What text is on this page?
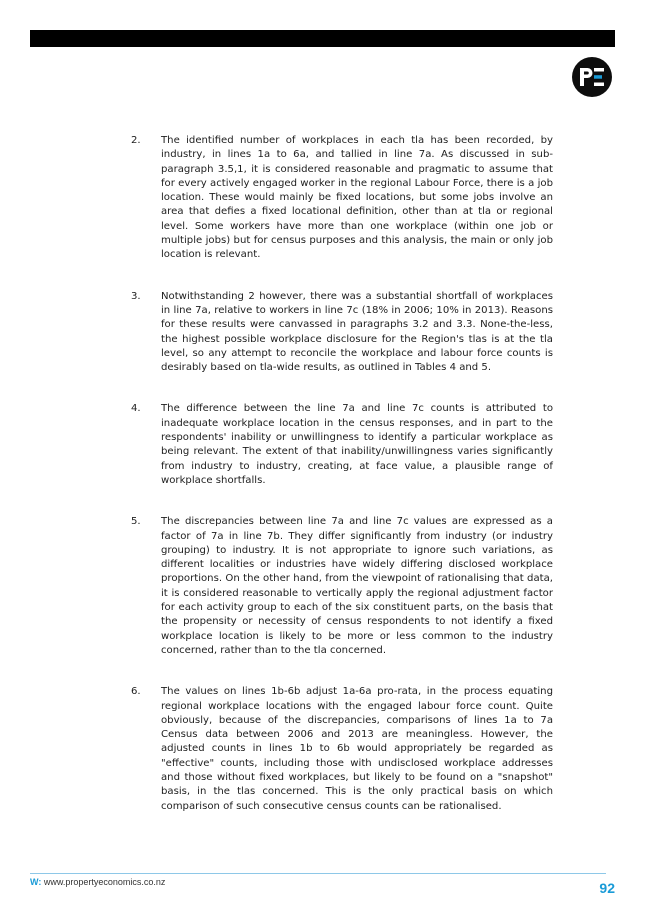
2. The identified number of workplaces in each tla has been recorded, by industry, in lines 1a to 6a, and tallied in line 7a. As discussed in sub-paragraph 3.5,1, it is considered reasonable and pragmatic to assume that for every actively engaged worker in the regional Labour Force, there is a job location. These would mainly be fixed locations, but some jobs involve an area that defies a fixed locational definition, other than at tla or regional level. Some workers have more than one workplace (within one job or multiple jobs) but for census purposes and this analysis, the main or only job location is relevant.
3. Notwithstanding 2 however, there was a substantial shortfall of workplaces in line 7a, relative to workers in line 7c (18% in 2006; 10% in 2013). Reasons for these results were canvassed in paragraphs 3.2 and 3.3. None-the-less, the highest possible workplace disclosure for the Region's tlas is at the tla level, so any attempt to reconcile the workplace and labour force counts is desirably based on tla-wide results, as outlined in Tables 4 and 5.
4. The difference between the line 7a and line 7c counts is attributed to inadequate workplace location in the census responses, and in part to the respondents' inability or unwillingness to identify a particular workplace as being relevant. The extent of that inability/unwillingness varies significantly from industry to industry, creating, at face value, a plausible range of workplace shortfalls.
5. The discrepancies between line 7a and line 7c values are expressed as a factor of 7a in line 7b. They differ significantly from industry (or industry grouping) to industry. It is not appropriate to ignore such variations, as different localities or industries have widely differing disclosed workplace proportions. On the other hand, from the viewpoint of rationalising that data, it is considered reasonable to vertically apply the regional adjustment factor for each activity group to each of the six constituent parts, on the basis that the propensity or necessity of census respondents to not identify a fixed workplace location is likely to be more or less common to the industry concerned, rather than to the tla concerned.
6. The values on lines 1b-6b adjust 1a-6a pro-rata, in the process equating regional workplace locations with the engaged labour force count. Quite obviously, because of the discrepancies, comparisons of lines 1a to 7a Census data between 2006 and 2013 are meaningless. However, the adjusted counts in lines 1b to 6b would appropriately be regarded as "effective" counts, including those with undisclosed workplace addresses and those without fixed workplaces, but likely to be found on a "snapshot" basis, in the tlas concerned. This is the only practical basis on which comparison of such consecutive census counts can be rationalised.
W: www.propertyeconomics.co.nz	92
